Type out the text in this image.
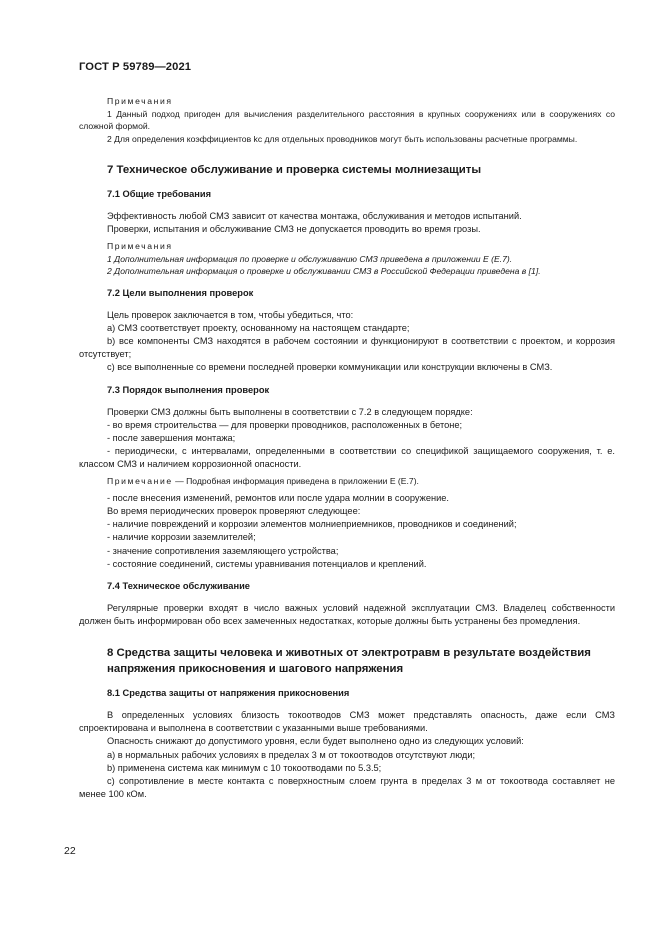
ГОСТ Р 59789—2021

Примечания

1 Данный подход пригоден для вычисления разделительного расстояния в крупных сооружениях или в сооружениях со сложной формой.

2 Для определения коэффициентов kc для отдельных проводников могут быть использованы расчетные программы.

7 Техническое обслуживание и проверка системы молниезащиты
7.1 Общие требования

Эффективность любой СМЗ зависит от качества монтажа, обслуживания и методов испытаний.

Проверки, испытания и обслуживание СМЗ не допускается проводить во время грозы.

Примечания

1 Дополнительная информация по проверке и обслуживанию СМЗ приведена в приложении Е (Е.7).

2 Дополнительная информация о проверке и обслуживании СМЗ в Российской Федерации приведена в [1].

7.2 Цели выполнения проверок

Цель проверок заключается в том, чтобы убедиться, что:

a) СМЗ соответствует проекту, основанному на настоящем стандарте;

b) все компоненты СМЗ находятся в рабочем состоянии и функционируют в соответствии с проектом, и коррозия отсутствует;

c) все выполненные со времени последней проверки коммуникации или конструкции включены в СМЗ.

7.3 Порядок выполнения проверок

Проверки СМЗ должны быть выполнены в соответствии с 7.2 в следующем порядке:

- во время строительства — для проверки проводников, расположенных в бетоне;

- после завершения монтажа;

- периодически, с интервалами, определенными в соответствии со спецификой защищаемого сооружения, т. е. классом СМЗ и наличием коррозионной опасности.

Примечание — Подробная информация приведена в приложении Е (Е.7).

- после внесения изменений, ремонтов или после удара молнии в сооружение.

Во время периодических проверок проверяют следующее:

- наличие повреждений и коррозии элементов молниеприемников, проводников и соединений;

- наличие коррозии заземлителей;

- значение сопротивления заземляющего устройства;

- состояние соединений, системы уравнивания потенциалов и креплений.

7.4 Техническое обслуживание

Регулярные проверки входят в число важных условий надежной эксплуатации СМЗ. Владелец собственности должен быть информирован обо всех замеченных недостатках, которые должны быть устранены без промедления.

8 Средства защиты человека и животных от электротравм в результате воздействия напряжения прикосновения и шагового напряжения
8.1 Средства защиты от напряжения прикосновения

В определенных условиях близость токоотводов СМЗ может представлять опасность, даже если СМЗ спроектирована и выполнена в соответствии с указанными выше требованиями.

Опасность снижают до допустимого уровня, если будет выполнено одно из следующих условий:

a) в нормальных рабочих условиях в пределах 3 м от токоотводов отсутствуют люди;

b) применена система как минимум с 10 токоотводами по 5.3.5;

c) сопротивление в месте контакта с поверхностным слоем грунта в пределах 3 м от токоотвода составляет не менее 100 кОм.

22
